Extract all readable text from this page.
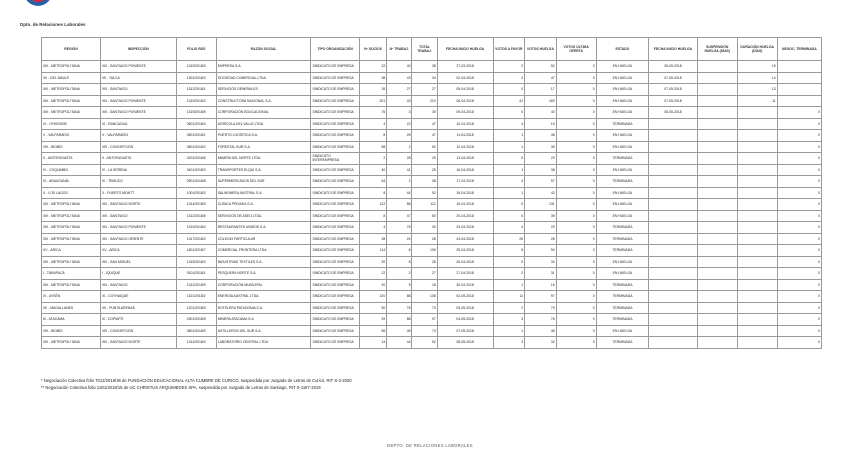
Dpto. de Relaciones Laborales
REGIÓN	INSPECCIÓN	FOLIO RSS	RAZÓN SOCIAL	TIPO ORGANIZACIÓN	Nº SOCIOS	Nº TRABAJ.	TOTAL TRABAJ.	FECHA INICIO HUELGA	VOTOS A FAVOR	VOTOS HUELGA	VOTOS ÚLTIMA OFERTA	ESTADO	FECHA INICIO HUELGA	SUSPENSIÓN HUELGA (DÍAS)	DURACIÓN HUELGA (DÍAS)	NEGOC. TERMINADA
XIII - METROPOLITANA	XIII - SANTIAGO PONIENTE	1319/2018/0	EMPRESA S.A.	SINDICATO DE EMPRESA	22	40	38	27-03-2018	2	52	0	EN HUELGA	26-05-2018		15	
VII - DEL MAULE	VII - TALCA	1301/2018/3	SOCIEDAD COMERCIAL LTDA.	SINDICATO DE EMPRESA	38	43	34	02-04-2018	2	47	0	EN HUELGA	07-05-2018		14	
XIII - METROPOLITANA	XIII - SANTIAGO	1312/2018/1	SERVICIOS GENERALES	SINDICATO DE EMPRESA	26	27	27	05-04-2018	0	17	0	EN HUELGA	07-05-2018		13	
XIII - METROPOLITANA	XIII - SANTIAGO PONIENTE	1319/2018/2	CONSTRUCTORA NACIONAL S.A.	SINDICATO DE EMPRESA	201	43	210	06-04-2018	41	183	0	EN HUELGA	07-05-2018		11	
XIII - METROPOLITANA	XIII - SANTIAGO PONIENTE	1319/2018/5	CORPORACIÓN EDUCACIONAL	SINDICATO DE EMPRESA	76	3	30	09-04-2018	0	40	0	EN HUELGA	08-05-2018			0
VI - O'HIGGINS	VI - RANCAGUA	0601/2018/4	AGRÍCOLA DEL VALLE LTDA.	SINDICATO DE EMPRESA	4	22	47	10-04-2018	4	19	0	TERMINADA				0
V - VALPARAÍSO	V - VALPARAÍSO	0501/2018/1	PUERTO LOGÍSTICA S.A.	SINDICATO DE EMPRESA	8	25	47	11-04-2018	1	48	0	EN HUELGA				0
VIII - BIOBÍO	VIII - CONCEPCIÓN	0801/2018/2	FORESTAL SUR S.A.	SINDICATO DE EMPRESA	58	2	52	12-04-2018	1	39	0	EN HUELGA				0
II - ANTOFAGASTA	II - ANTOFAGASTA	0201/2018/6	MINERA DEL NORTE LTDA.	SINDICATO INTEREMPRESA	2	28	29	13-04-2018	0	20	0	TERMINADA				0
IV - COQUIMBO	IV - LA SERENA	0401/2018/3	TRANSPORTES ELQUI S.A.	SINDICATO DE EMPRESA	40	41	25	16-04-2018	1	38	0	EN HUELGA				0
IX - ARAUCANÍA	IX - TEMUCO	0901/2018/8	SUPERMERCADOS DEL SUR	SINDICATO DE EMPRESA	64	2	38	17-04-2018	4	57	0	TERMINADA				0
X - LOS LAGOS	X - PUERTO MONTT	1001/2018/2	SALMONERA AUSTRAL S.A.	SINDICATO DE EMPRESA	8	44	52	18-04-2018	1	43	0	EN HUELGA				0
XIII - METROPOLITANA	XIII - SANTIAGO NORTE	1314/2018/0	CLÍNICA PRIVADA S.A.	SINDICATO DE EMPRESA	122	88	112	19-04-2018	9	131	0	EN HUELGA				0
XIII - METROPOLITANA	XIII - SANTIAGO	1312/2018/6	SERVICIOS DE ASEO LTDA.	SINDICATO DE EMPRESA	8	47	50	20-04-2018	0	39	0	EN HUELGA				0
XIII - METROPOLITANA	XIII - SANTIAGO PONIENTE	1319/2018/4	RESTAURANTES UNIDOS S.A.	SINDICATO DE EMPRESA	4	76	30	23-04-2018	4	29	0	TERMINADA				0
XIII - METROPOLITANA	XIII - SANTIAGO ORIENTE	1317/2018/2	COLEGIO PARTICULAR	SINDICATO DE EMPRESA	28	24	28	24-04-2018	26	28	0	TERMINADA				0
XV - ARICA	XV - ARICA	1501/2018/7	COMERCIAL FRONTERA LTDA.	SINDICATO DE EMPRESA	114	8	106	25-04-2018	8	94	0	TERMINADA				0
XIII - METROPOLITANA	XIII - SAN MIGUEL	1315/2018/3	INDUSTRIAS TEXTILES S.A.	SINDICATO DE EMPRESA	20	8	28	26-04-2018	0	34	0	EN HUELGA				0
I - TARAPACÁ	I - IQUIQUE	0101/2018/1	PESQUERA NORTE S.A.	SINDICATO DE EMPRESA	22	2	27	27-04-2018	2	31	0	EN HUELGA				0
XIII - METROPOLITANA	XIII - SANTIAGO	1312/2018/9	CORPORACIÓN MUNICIPAL	SINDICATO DE EMPRESA	20	5	18	30-04-2018	1	16	0	TERMINADA				0
XI - AYSÉN	XI - COYHAIQUE	1101/2018/2	ENERGÍA AUSTRAL LTDA.	SINDICATO DE EMPRESA	120	88	108	02-05-2018	11	97	0	TERMINADA				0
XII - MAGALLANES	XII - PUNTA ARENAS	1201/2018/0	HOTELERA PATAGONIA S.A.	SINDICATO DE EMPRESA	50	76	73	03-05-2018	2	79	0	TERMINADA				0
III - ATACAMA	III - COPIAPÓ	0301/2018/5	MINERA ATACAMA S.A.	SINDICATO DE EMPRESA	92	88	97	04-05-2018	3	76	0	TERMINADA				0
VIII - BIOBÍO	VIII - CONCEPCIÓN	0801/2018/9	ASTILLEROS DEL SUR S.A.	SINDICATO DE EMPRESA	56	45	73	07-05-2018	1	46	0	EN HUELGA				0
XIII - METROPOLITANA	XIII - SANTIAGO NORTE	1314/2018/4	LABORATORIO CENTRAL LTDA.	SINDICATO DE EMPRESA	14	44	52	08-05-2018	3	32	0	TERMINADA				0
* Negociación Colectiva folio 7012/2019/38 de FUNDACIÓN EDUCACIONAL ALTA CUMBRE DE CURICÓ, suspendida por Juzgado de Letras de Curicó, RIT S-3-2020
** Negociación Colectiva folio 1301/2019/15 de UC CHRISTUS ARQUIMEDES SPA, suspendida por Juzgado de Letras de Santiago, RIT S-1187-2019
DEPTO. DE RELACIONES LABORALES
